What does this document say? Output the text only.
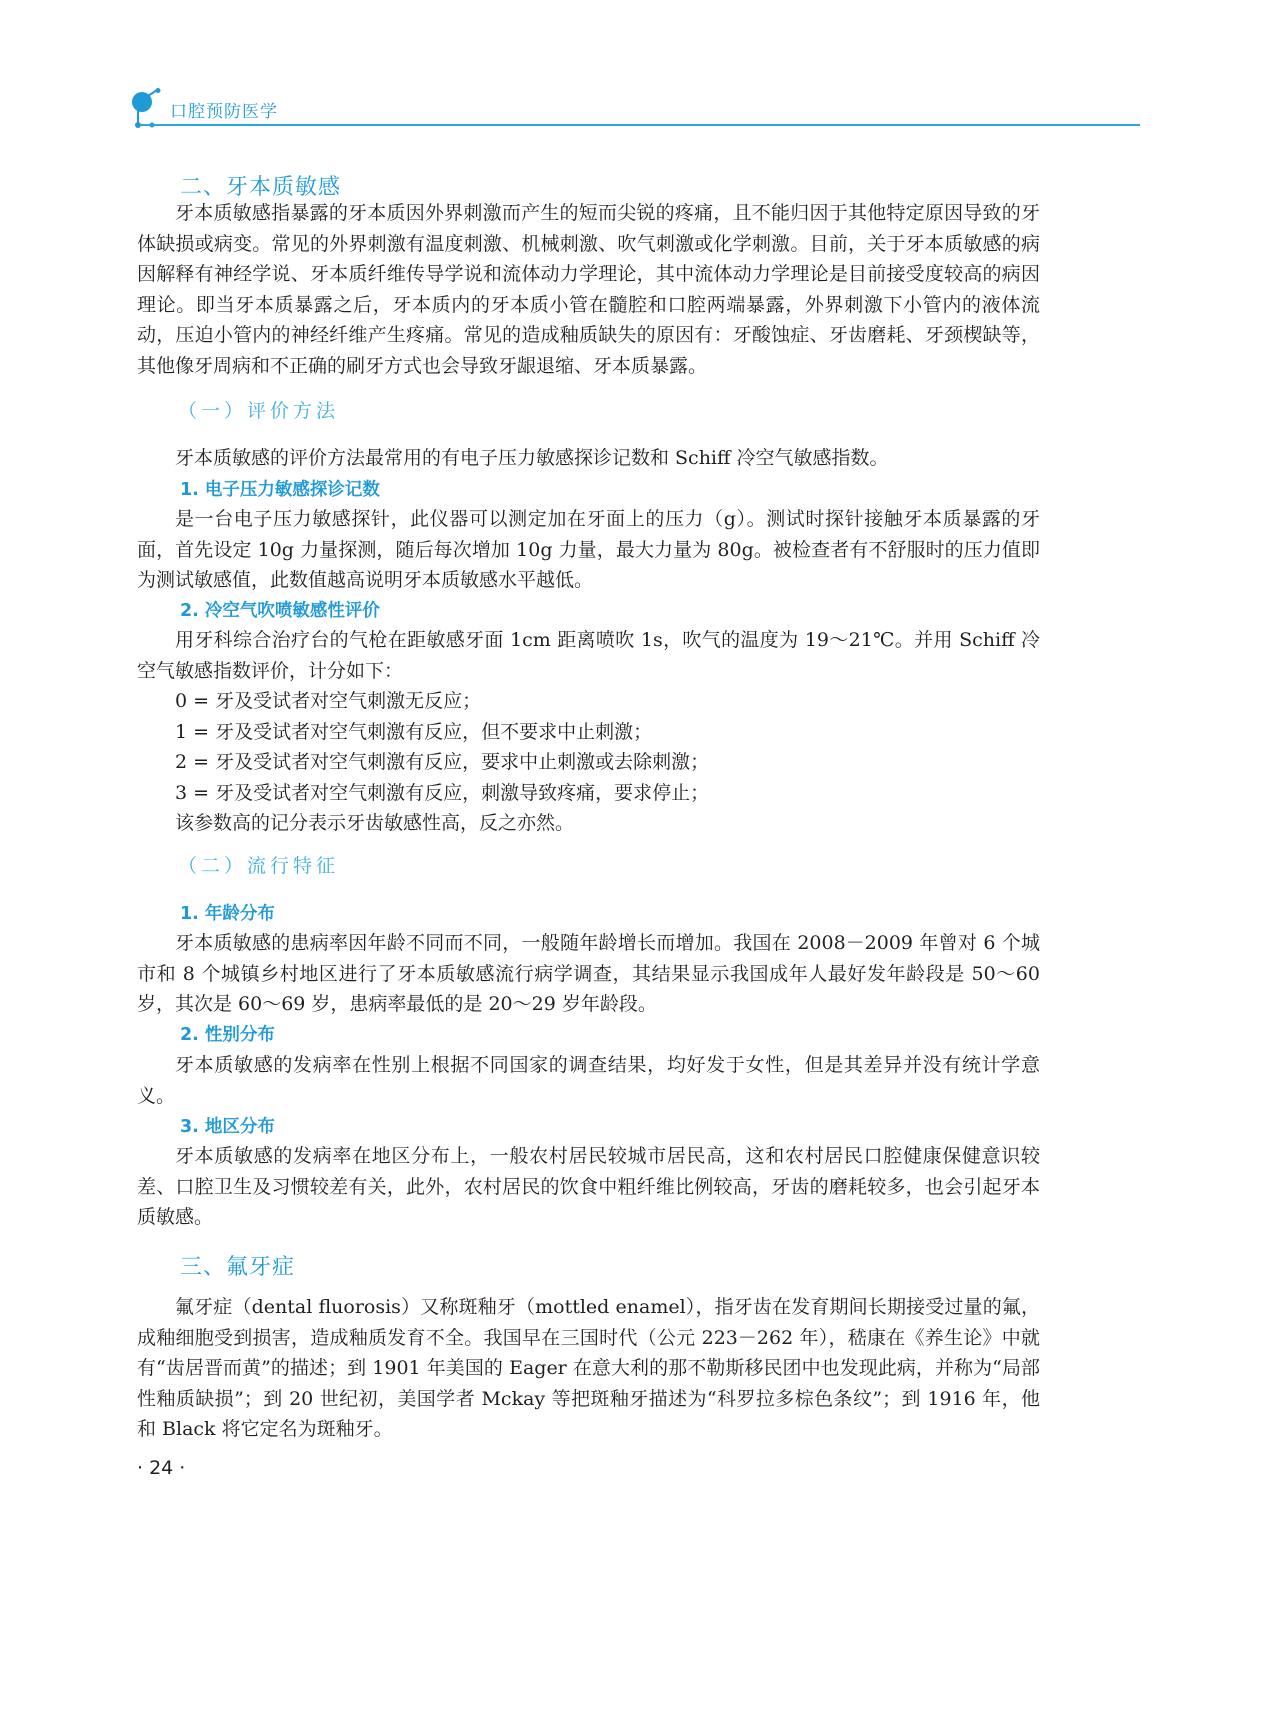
口腔预防医学
二、牙本质敏感
牙本质敏感指暴露的牙本质因外界刺激而产生的短而尖锐的疼痛，且不能归因于其他特定原因导致的牙体缺损或病变。常见的外界刺激有温度刺激、机械刺激、吹气刺激或化学刺激。目前，关于牙本质敏感的病因解释有神经学说、牙本质纤维传导学说和流体动力学理论，其中流体动力学理论是目前接受度较高的病因理论。即当牙本质暴露之后，牙本质内的牙本质小管在髓腔和口腔两端暴露，外界刺激下小管内的液体流动，压迫小管内的神经纤维产生疼痛。常见的造成釉质缺失的原因有：牙酸蚀症、牙齿磨耗、牙颈楔缺等，其他像牙周病和不正确的刷牙方式也会导致牙龈退缩、牙本质暴露。
（一）评价方法
牙本质敏感的评价方法最常用的有电子压力敏感探诊记数和 Schiff 冷空气敏感指数。
1. 电子压力敏感探诊记数
是一台电子压力敏感探针，此仪器可以测定加在牙面上的压力（g）。测试时探针接触牙本质暴露的牙面，首先设定 10g 力量探测，随后每次增加 10g 力量，最大力量为 80g。被检查者有不舒服时的压力值即为测试敏感值，此数值越高说明牙本质敏感水平越低。
2. 冷空气吹喷敏感性评价
用牙科综合治疗台的气枪在距敏感牙面 1cm 距离喷吹 1s，吹气的温度为 19～21℃。并用 Schiff 冷空气敏感指数评价，计分如下：
0 = 牙及受试者对空气刺激无反应；
1 = 牙及受试者对空气刺激有反应，但不要求中止刺激；
2 = 牙及受试者对空气刺激有反应，要求中止刺激或去除刺激；
3 = 牙及受试者对空气刺激有反应，刺激导致疼痛，要求停止；
该参数高的记分表示牙齿敏感性高，反之亦然。
（二）流行特征
1. 年龄分布
牙本质敏感的患病率因年龄不同而不同，一般随年龄增长而增加。我国在 2008－2009 年曾对 6 个城市和 8 个城镇乡村地区进行了牙本质敏感流行病学调查，其结果显示我国成年人最好发年龄段是 50～60 岁，其次是 60～69 岁，患病率最低的是 20～29 岁年龄段。
2. 性别分布
牙本质敏感的发病率在性别上根据不同国家的调查结果，均好发于女性，但是其差异并没有统计学意义。
3. 地区分布
牙本质敏感的发病率在地区分布上，一般农村居民较城市居民高，这和农村居民口腔健康保健意识较差、口腔卫生及习惯较差有关，此外，农村居民的饮食中粗纤维比例较高，牙齿的磨耗较多，也会引起牙本质敏感。
三、氟牙症
氟牙症（dental fluorosis）又称斑釉牙（mottled enamel），指牙齿在发育期间长期接受过量的氟，成釉细胞受到损害，造成釉质发育不全。我国早在三国时代（公元 223－262 年），嵇康在《养生论》中就有“齿居晋而黄”的描述；到 1901 年美国的 Eager 在意大利的那不勒斯移民团中也发现此病，并称为“局部性釉质缺损”；到 20 世纪初，美国学者 Mckay 等把斑釉牙描述为“科罗拉多棕色条纹”；到 1916 年，他和 Black 将它定名为斑釉牙。
· 24 ·
